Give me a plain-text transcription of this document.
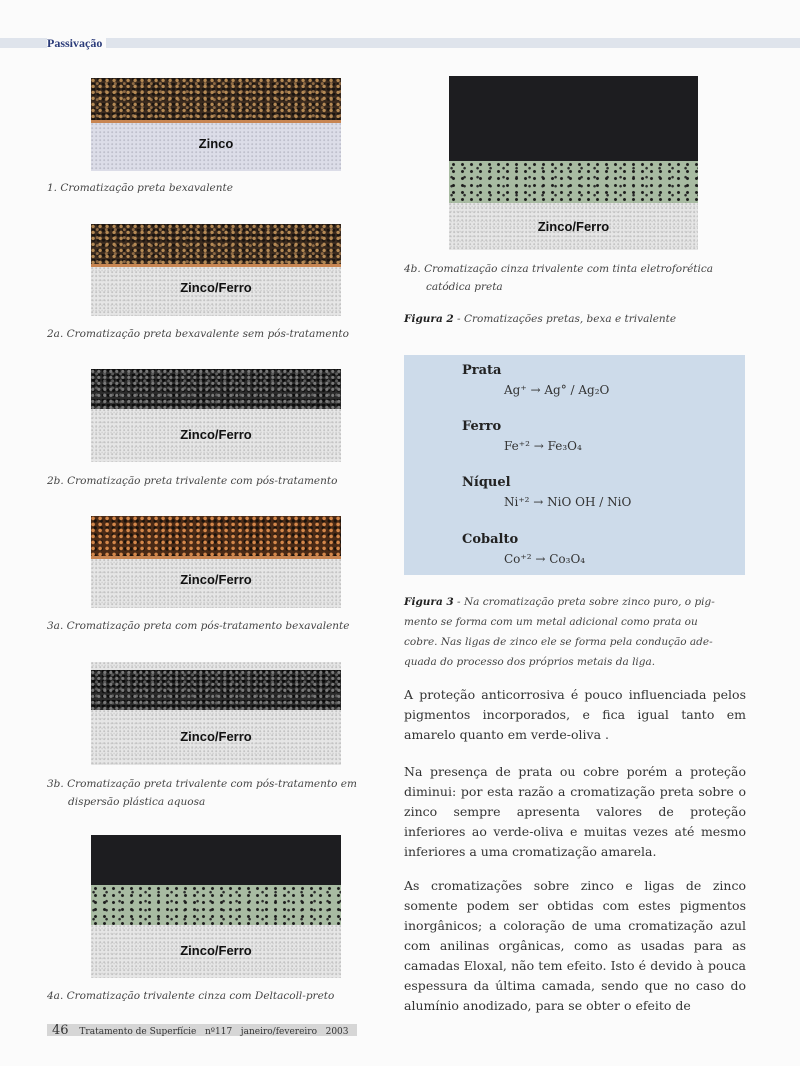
Passivação
Zinco
1. Cromatização preta bexavalente
Zinco/Ferro
2a. Cromatização preta bexavalente sem pós-tratamento
Zinco/Ferro
2b. Cromatização preta trivalente com pós-tratamento
Zinco/Ferro
3a. Cromatização preta com pós-tratamento bexavalente
Zinco/Ferro
3b. Cromatização preta trivalente com pós-tratamento em
dispersão plástica aquosa
Zinco/Ferro
4a. Cromatização trivalente cinza com Deltacoll-preto
Zinco/Ferro
4b. Cromatização cinza trivalente com tinta eletroforética
catódica preta
Figura 2 - Cromatizações pretas, bexa e trivalente
Prata
Ag⁺ → Ag° / Ag₂O
Ferro
Fe⁺² → Fe₃O₄
Níquel
Ni⁺² → NiO OH / NiO
Cobalto
Co⁺² → Co₃O₄
Figura 3 - Na cromatização preta sobre zinco puro, o pig-
mento se forma com um metal adicional como prata ou
cobre. Nas ligas de zinco ele se forma pela condução ade-
quada do processo dos próprios metais da liga.
A proteção anticorrosiva é pouco influenciada pelos pigmentos incorporados, e fica igual tanto em amarelo quanto em verde-oliva .
Na presença de prata ou cobre porém a proteção diminui: por esta razão a cromatização preta sobre o zinco sempre apresenta valores de proteção inferiores ao verde-oliva e muitas vezes até mesmo inferiores a uma cromatização amarela.
As cromatizações sobre zinco e ligas de zinco somente podem ser obtidas com estes pigmentos inorgânicos; a coloração de uma cromatização azul com anilinas orgânicas, como as usadas para as camadas Eloxal, não tem efeito. Isto é devido à pouca espessura da última camada, sendo que no caso do alumínio anodizado, para se obter o efeito de
46 Tratamento de Superfície nº117 janeiro/fevereiro 2003
